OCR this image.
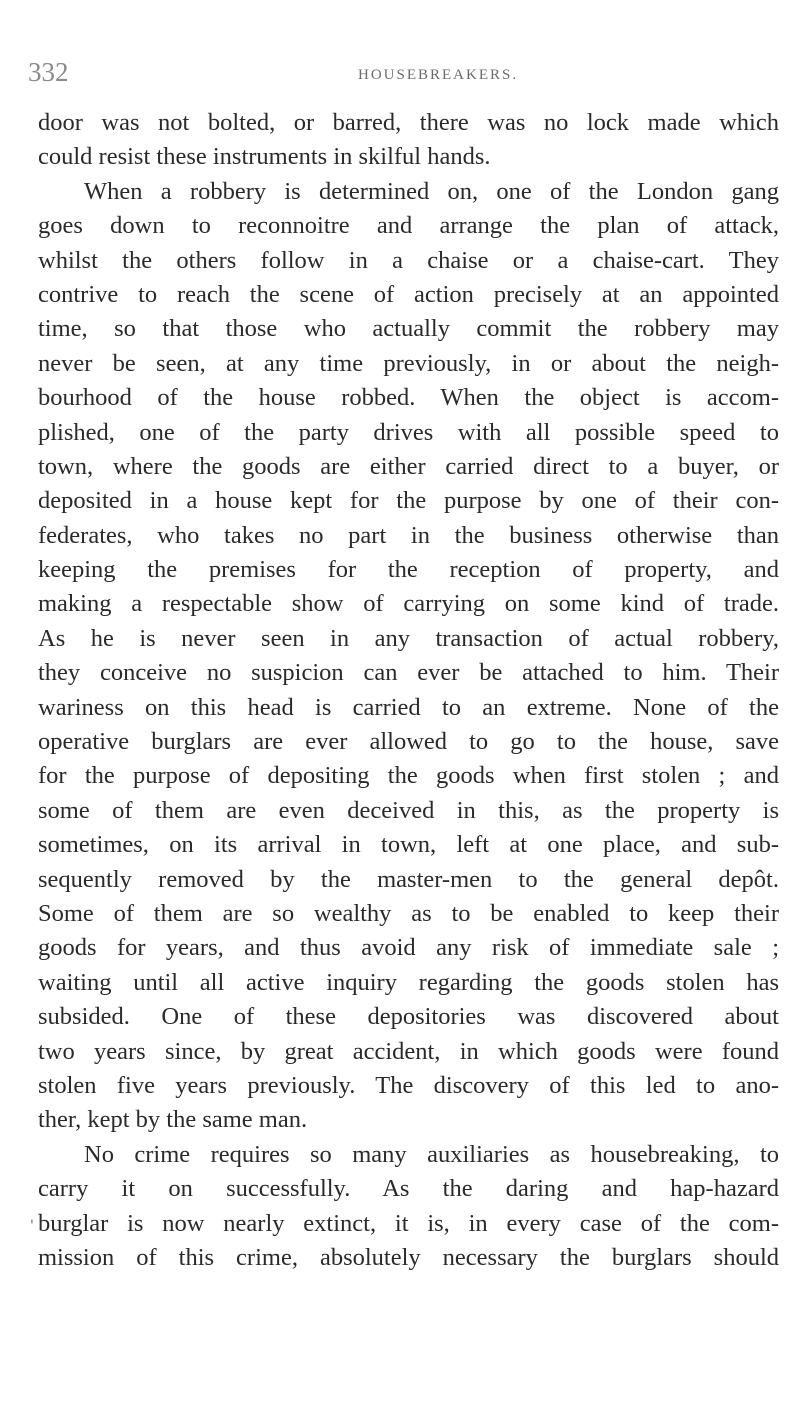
332	HOUSEBREAKERS.
door was not bolted, or barred, there was no lock made which
could resist these instruments in skilful hands.
When a robbery is determined on, one of the London gang
goes down to reconnoitre and arrange the plan of attack,
whilst the others follow in a chaise or a chaise-cart. They
contrive to reach the scene of action precisely at an appointed
time, so that those who actually commit the robbery may
never be seen, at any time previously, in or about the neigh-
bourhood of the house robbed. When the object is accom-
plished, one of the party drives with all possible speed to
town, where the goods are either carried direct to a buyer, or
deposited in a house kept for the purpose by one of their con-
federates, who takes no part in the business otherwise than
keeping the premises for the reception of property, and
making a respectable show of carrying on some kind of trade.
As he is never seen in any transaction of actual robbery,
they conceive no suspicion can ever be attached to him. Their
wariness on this head is carried to an extreme. None of the
operative burglars are ever allowed to go to the house, save
for the purpose of depositing the goods when first stolen ; and
some of them are even deceived in this, as the property is
sometimes, on its arrival in town, left at one place, and sub-
sequently removed by the master-men to the general depôt.
Some of them are so wealthy as to be enabled to keep their
goods for years, and thus avoid any risk of immediate sale ;
waiting until all active inquiry regarding the goods stolen has
subsided. One of these depositories was discovered about
two years since, by great accident, in which goods were found
stolen five years previously. The discovery of this led to ano-
ther, kept by the same man.
No crime requires so many auxiliaries as housebreaking, to
carry it on successfully. As the daring and hap-hazard
burglar is now nearly extinct, it is, in every case of the com-
mission of this crime, absolutely necessary the burglars should
'
